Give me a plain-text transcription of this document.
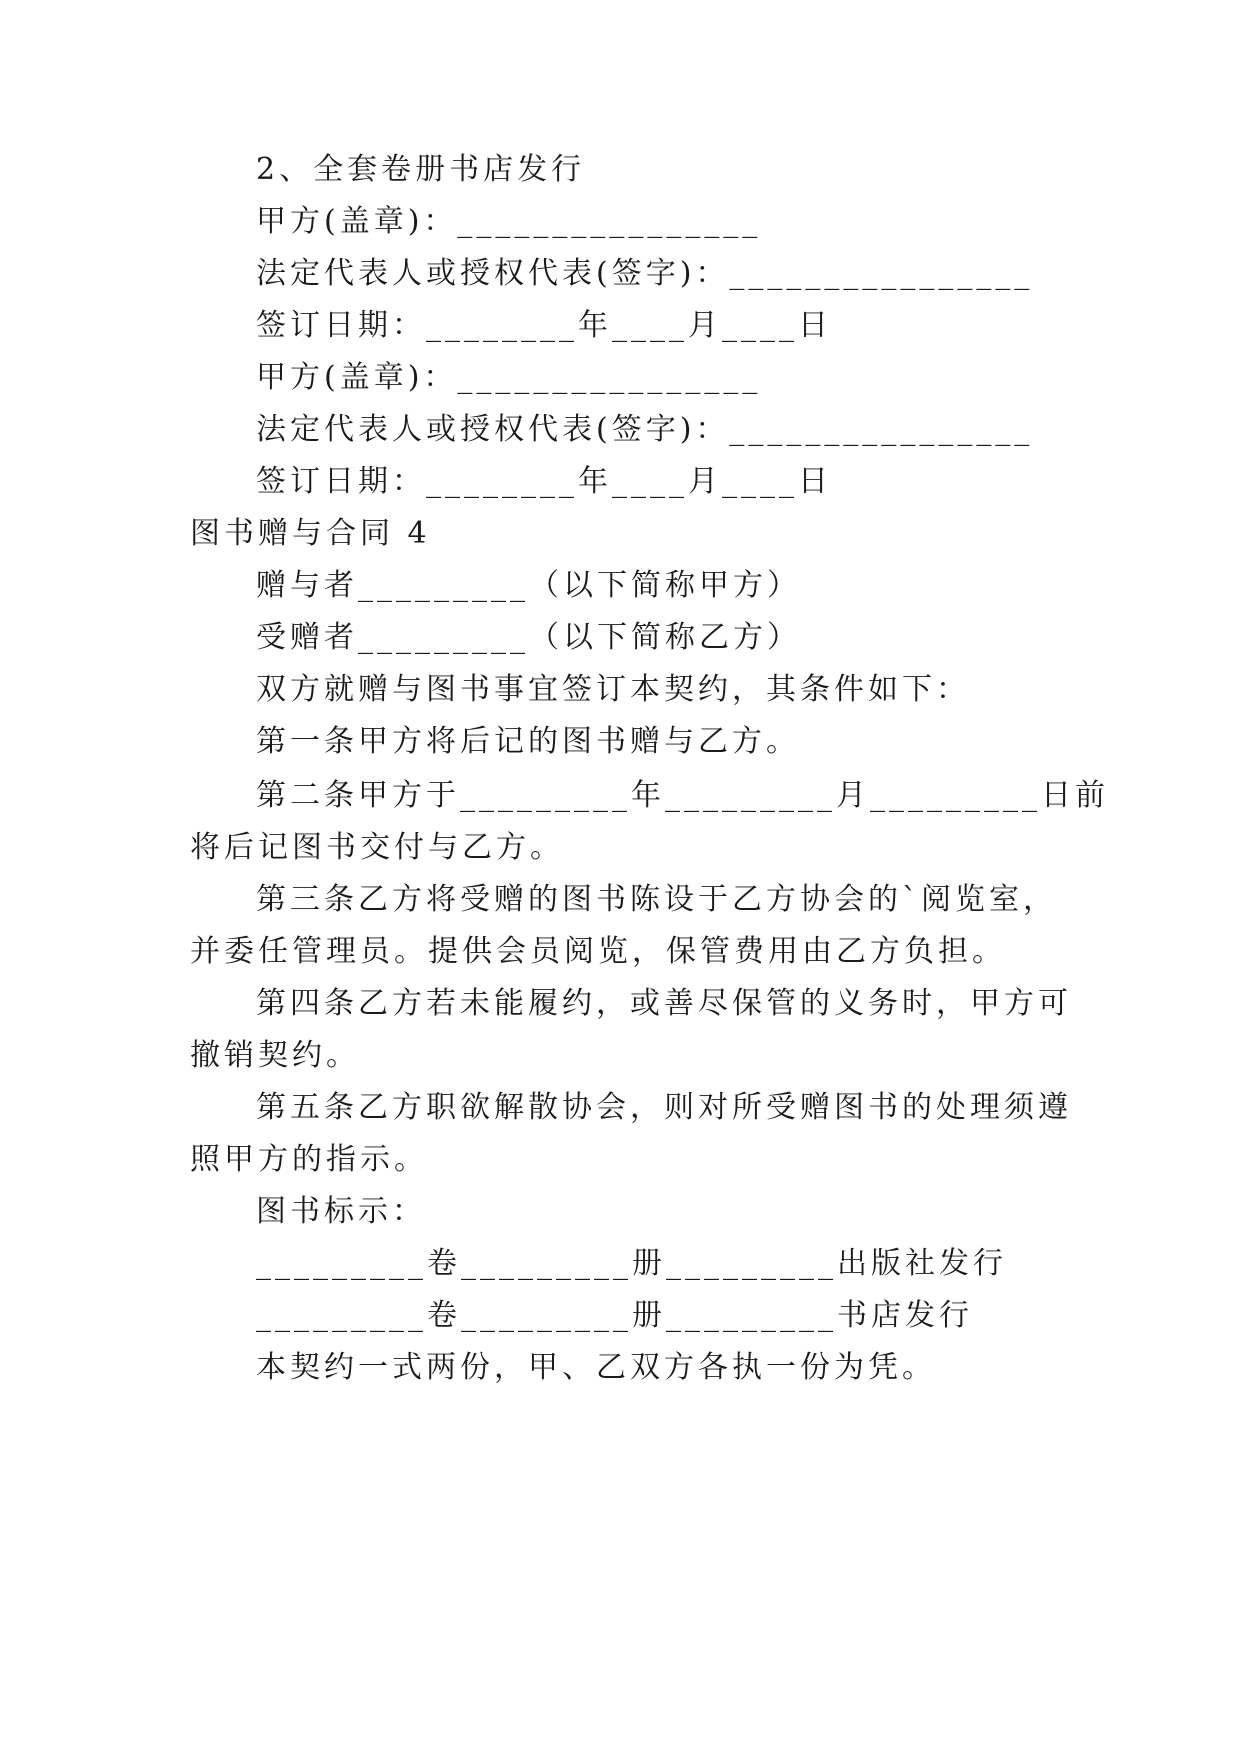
2、全套卷册书店发行
甲方(盖章)：________________
法定代表人或授权代表(签字)：________________
签订日期：________年____月____日
甲方(盖章)：________________
法定代表人或授权代表(签字)：________________
签订日期：________年____月____日
图书赠与合同 4
赠与者_________（以下简称甲方）
受赠者_________（以下简称乙方）
双方就赠与图书事宜签订本契约，其条件如下：
第一条甲方将后记的图书赠与乙方。
第二条甲方于_________年_________月_________日前
将后记图书交付与乙方。
第三条乙方将受赠的图书陈设于乙方协会的`阅览室，
并委任管理员。提供会员阅览，保管费用由乙方负担。
第四条乙方若未能履约，或善尽保管的义务时，甲方可
撤销契约。
第五条乙方职欲解散协会，则对所受赠图书的处理须遵
照甲方的指示。
图书标示：
_________卷_________册_________出版社发行
_________卷_________册_________书店发行
本契约一式两份，甲、乙双方各执一份为凭。
